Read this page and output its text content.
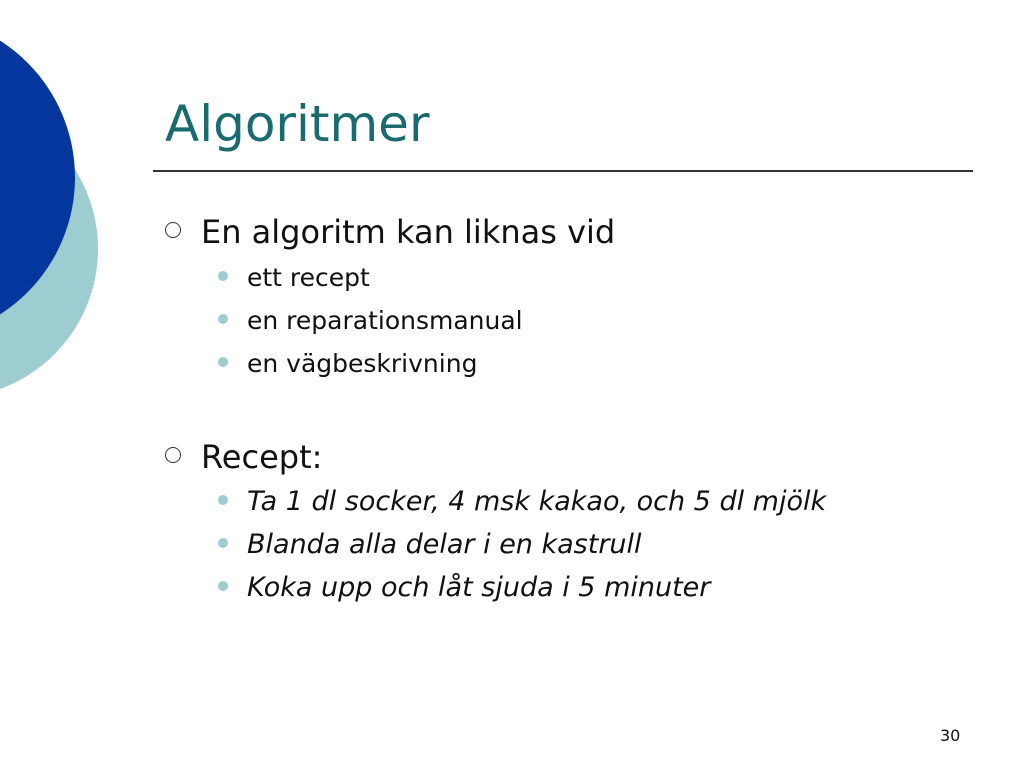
Algoritmer
En algoritm kan liknas vid
ett recept
en reparationsmanual
en vägbeskrivning
Recept:
Ta 1 dl socker, 4 msk kakao, och 5 dl mjölk
Blanda alla delar i en kastrull
Koka upp och låt sjuda i 5 minuter
30
